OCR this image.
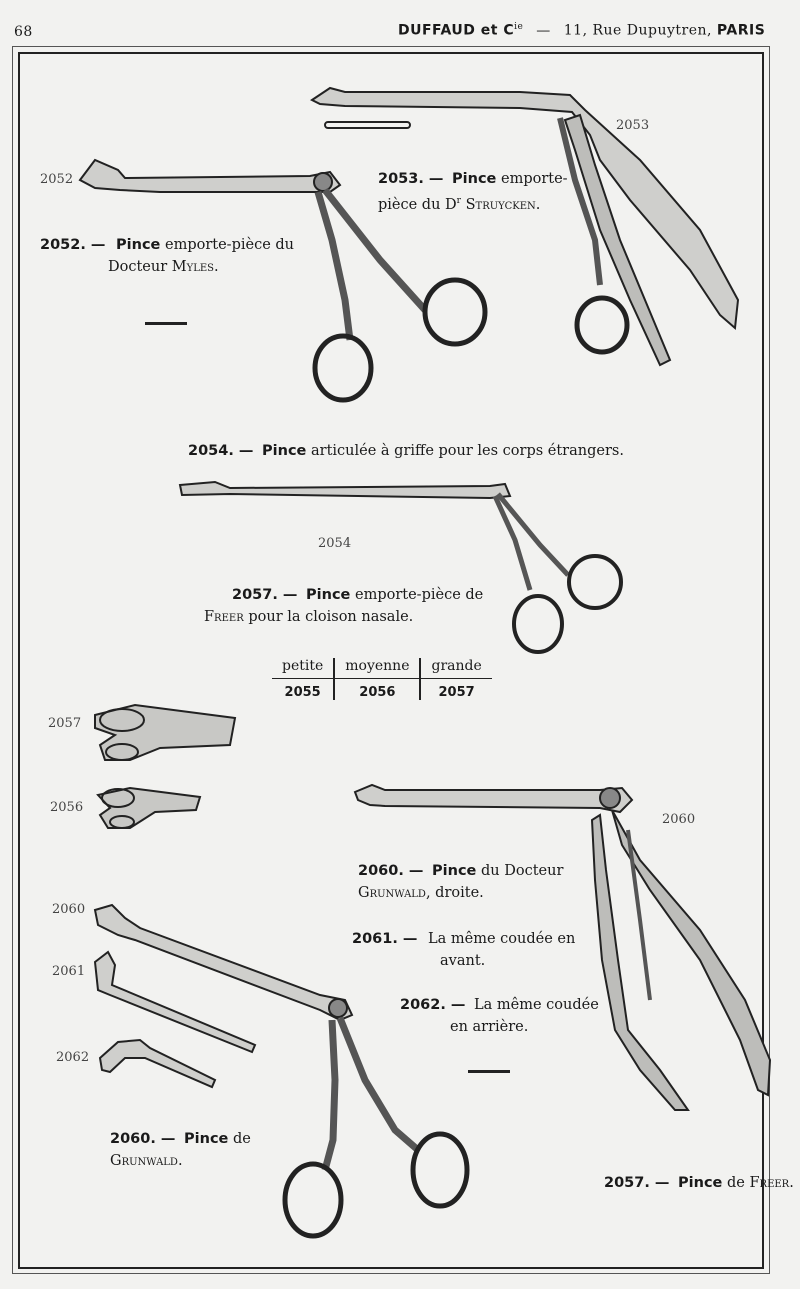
68	DUFFAUD et $C^{ie}$ — 11, Rue Dupuytren, PARIS
2052
2053
2054
2057
2056
2060
2061
2062
2060
2052. — Pince emporte-pièce du
Docteur Myles.
2053. — Pince emporte-
pièce du $D^r$ Struycken.
2054. — Pince articulée à griffe pour les corps étrangers.
2057. — Pince emporte-pièce de
Freer pour la cloison nasale.
petite	moyenne	grande
2055	2056	2057
2060. — Pince du Docteur
Grunwald, droite.
2061. — La même coudée en
avant.
2062. — La même coudée
en arrière.
2060. — Pince de
Grunwald.
2057. — Pince de Freer.
